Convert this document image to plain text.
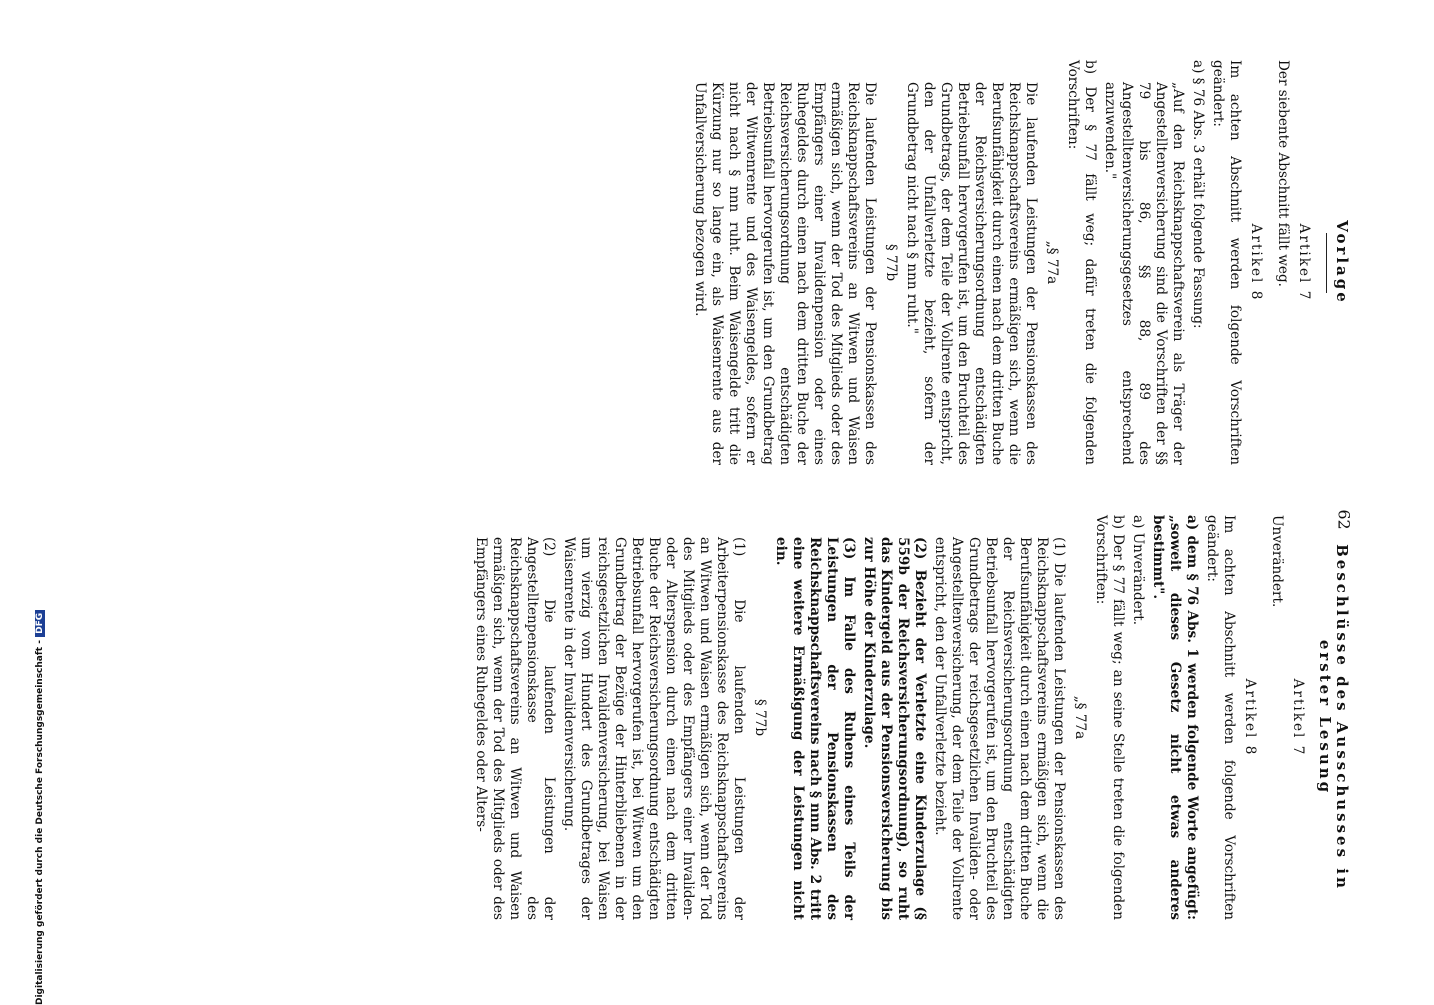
62
Vorlage
Artikel 7

Der siebente Abschnitt fällt weg.

Artikel 8

Im achten Abschnitt werden folgende Vorschriften geändert:

a) § 76 Abs. 3 erhält folgende Fassung:

„Auf den Reichsknappschaftsverein als Träger der Angestelltenversicherung sind die Vorschriften der §§ 79 bis 86, §§ 88, 89 des Angestelltenversicherungsgesetzes entsprechend anzuwenden."

b) Der § 77 fällt weg; dafür treten die folgenden Vorschriften:

„§ 77a

Die laufenden Leistungen der Pensionskassen des Reichsknappschaftsvereins ermäßigen sich, wenn die Berufsunfähigkeit durch einen nach dem dritten Buche der Reichsversicherungsordnung entschädigten Betriebsunfall hervorgerufen ist, um den Bruchteil des Grundbetrags, der dem Teile der Vollrente entspricht, den der Unfallverletzte bezieht, sofern der Grundbetrag nicht nach § nnn ruht."

§ 77b

Die laufenden Leistungen der Pensionskassen des Reichsknappschaftsvereins an Witwen und Waisen ermäßigen sich, wenn der Tod des Mitglieds oder des Empfängers einer Invalidenpension oder eines Ruhegeldes durch einen nach dem dritten Buche der Reichsversicherungsordnung entschädigten Betriebsunfall hervorgerufen ist, um den Grundbetrag der Witwenrente und des Waisengeldes, sofern er nicht nach § nnn ruht. Beim Waisengelde tritt die Kürzung nur so lange ein, als Waisenrente aus der Unfallversicherung bezogen wird.

Beschlüsse des Ausschusses in erster Lesung
Artikel 7

Unverändert.

Artikel 8

Im achten Abschnitt werden folgende Vorschriften geändert:

a) dem § 76 Abs. 1 werden folgende Worte angefügt: „soweit dieses Gesetz nicht etwas anderes bestimmt".

a) Unverändert.

b) Der § 77 fällt weg; an seine Stelle treten die folgenden Vorschriften:

„§ 77a

(1) Die laufenden Leistungen der Pensionskassen des Reichsknappschaftsvereins ermäßigen sich, wenn die Berufsunfähigkeit durch einen nach dem dritten Buche der Reichsversicherungsordnung entschädigten Betriebsunfall hervorgerufen ist, um den Bruchteil des Grundbetrags der reichsgesetzlichen Invaliden- oder Angestelltenversicherung, der dem Teile der Vollrente entspricht, den der Unfallverletzte bezieht.

(2) Bezieht der Verletzte eine Kinderzulage (§ 559b der Reichsversicherungsordnung), so ruht das Kindergeld aus der Pensionsversicherung bis zur Höhe der Kinderzulage.

(3) Im Falle des Ruhens eines Teils der Leistungen der Pensionskassen des Reichsknappschaftsvereins nach § nnn Abs. 2 tritt eine weitere Ermäßigung der Leistungen nicht ein.

§ 77b

(1) Die laufenden Leistungen der Arbeiterpensionskasse des Reichsknappschaftsvereins an Witwen und Waisen ermäßigen sich, wenn der Tod des Mitglieds oder des Empfängers einer Invaliden- oder Alterspension durch einen nach dem dritten Buche der Reichsversicherungsordnung entschädigten Betriebsunfall hervorgerufen ist, bei Witwen um den Grundbetrag der Bezüge der Hinterbliebenen in der reichsgesetzlichen Invalidenversicherung, bei Waisen um vierzig vom Hundert des Grundbetrages der Waisenrente in der Invalidenversicherung.

(2) Die laufenden Leistungen der Angestelltenpensionskasse des Reichsknappschaftsvereins an Witwen und Waisen ermäßigen sich, wenn der Tod des Mitglieds oder des Empfängers eines Ruhegeldes oder Alters-

Digitalisierung gefördert durch die Deutsche Forschungsgemeinschaft - DFG
